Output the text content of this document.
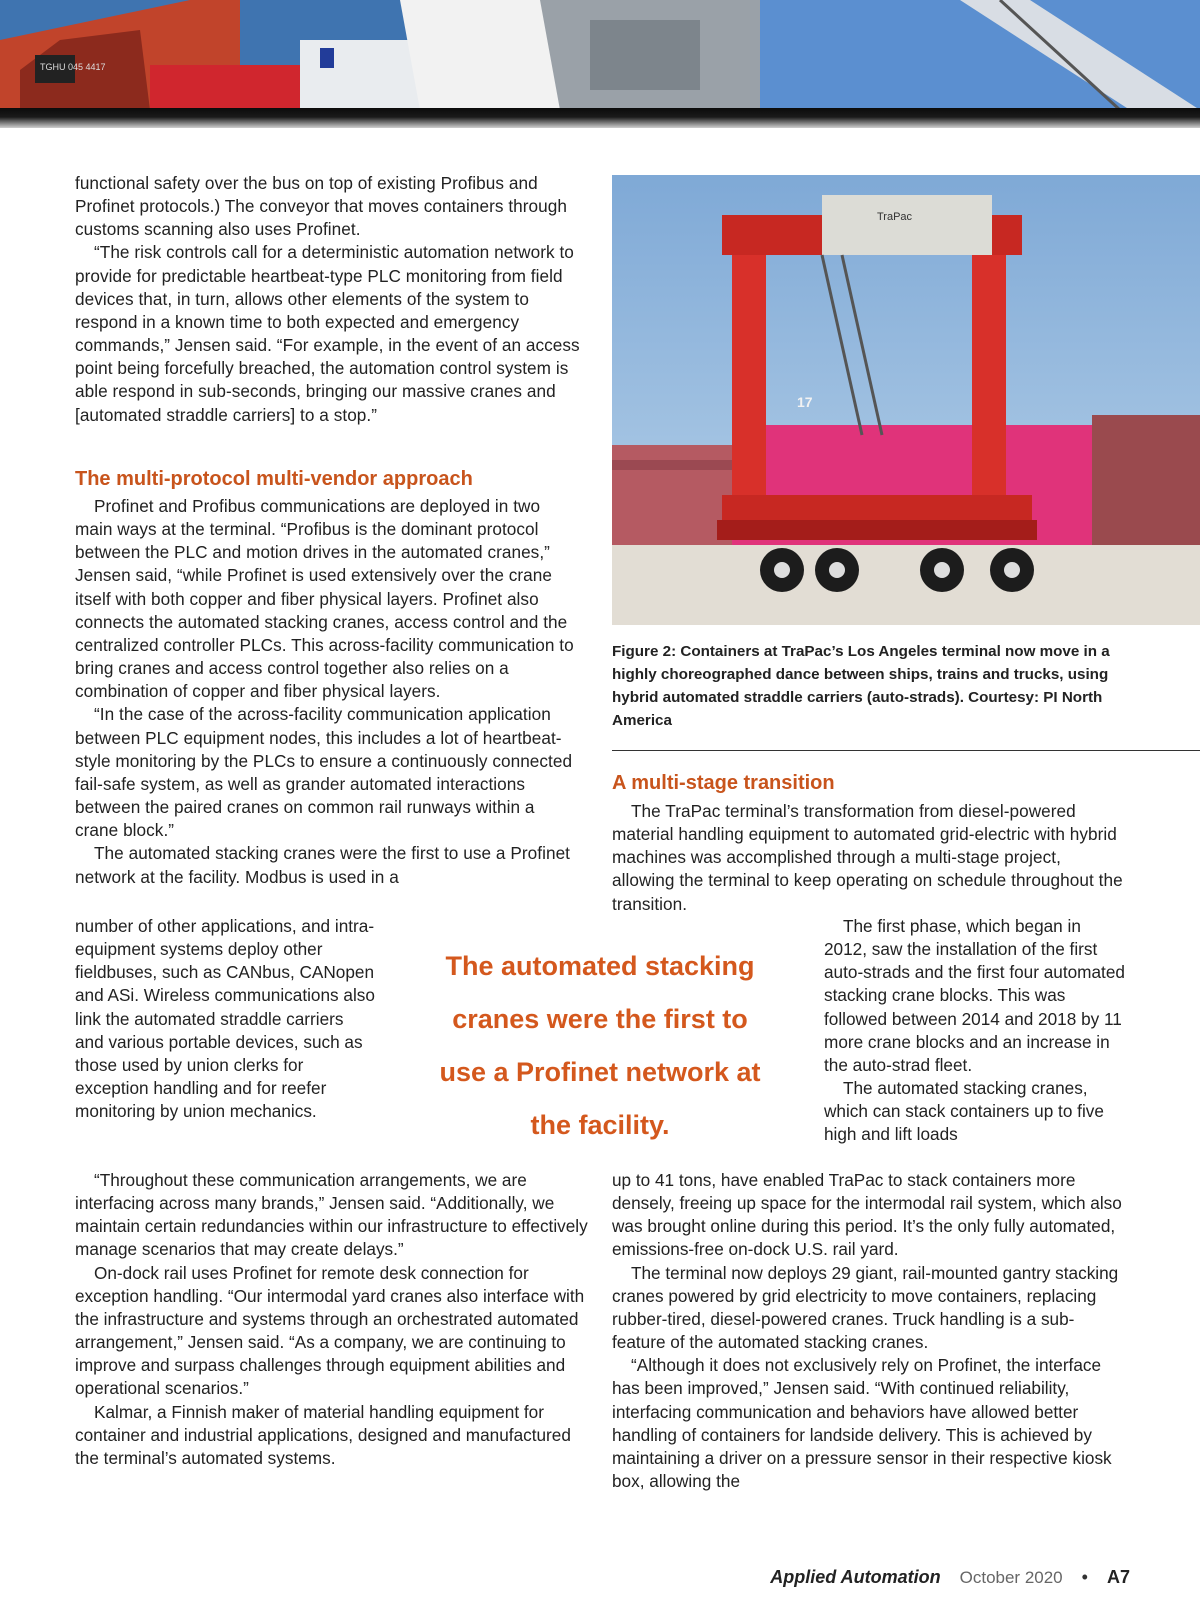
TGHU 045 4417

functional safety over the bus on top of existing Profibus and Profinet protocols.) The conveyor that moves containers through customs scanning also uses Profinet.

“The risk controls call for a deterministic automation network to provide for predictable heartbeat-type PLC monitoring from field devices that, in turn, allows other elements of the system to respond in a known time to both expected and emergency commands,” Jensen said. “For example, in the event of an access point being forcefully breached, the automation control system is able respond in sub-seconds, bringing our massive cranes and [automated straddle carriers] to a stop.”

The multi-protocol multi-vendor approach

Profinet and Profibus communications are deployed in two main ways at the terminal. “Profibus is the dominant protocol between the PLC and motion drives in the automated cranes,” Jensen said, “while Profinet is used extensively over the crane itself with both copper and fiber physical layers. Profinet also connects the automated stacking cranes, access control and the centralized controller PLCs. This across-facility communication to bring cranes and access control together also relies on a combination of copper and fiber physical layers.

“In the case of the across-facility communication application between PLC equipment nodes, this includes a lot of heartbeat-style monitoring by the PLCs to ensure a continuously connected fail-safe system, as well as grander automated interactions between the paired cranes on common rail runways within a crane block.”

The automated stacking cranes were the first to use a Profinet network at the facility. Modbus is used in a

number of other applications, and intra-equipment systems deploy other fieldbuses, such as CANbus, CANopen and ASi. Wireless communications also link the automated straddle carriers and various portable devices, such as those used by union clerks for exception handling and for reefer monitoring by union mechanics.

The automated stacking cranes were the first to use a Profinet network at the facility.

“Throughout these communication arrangements, we are interfacing across many brands,” Jensen said. “Additionally, we maintain certain redundancies within our infrastructure to effectively manage scenarios that may create delays.”

On-dock rail uses Profinet for remote desk connection for exception handling. “Our intermodal yard cranes also interface with the infrastructure and systems through an orchestrated automated arrangement,” Jensen said. “As a company, we are continuing to improve and surpass challenges through equipment abilities and operational scenarios.”

Kalmar, a Finnish maker of material handling equipment for container and industrial applications, designed and manufactured the terminal’s automated systems.

TraPac
17
Figure 2: Containers at TraPac’s Los Angeles terminal now move in a highly choreographed dance between ships, trains and trucks, using hybrid automated straddle carriers (auto-strads). Courtesy: PI North America
A multi-stage transition

The TraPac terminal’s transformation from diesel-powered material handling equipment to automated grid-electric with hybrid machines was accomplished through a multi-stage project, allowing the terminal to keep operating on schedule throughout the transition.

The first phase, which began in 2012, saw the installation of the first auto-strads and the first four automated stacking crane blocks. This was followed between 2014 and 2018 by 11 more crane blocks and an increase in the auto-strad fleet.

The automated stacking cranes, which can stack containers up to five high and lift loads

up to 41 tons, have enabled TraPac to stack containers more densely, freeing up space for the intermodal rail system, which also was brought online during this period. It’s the only fully automated, emissions-free on-dock U.S. rail yard.

The terminal now deploys 29 giant, rail-mounted gantry stacking cranes powered by grid electricity to move containers, replacing rubber-tired, diesel-powered cranes. Truck handling is a sub-feature of the automated stacking cranes.

“Although it does not exclusively rely on Profinet, the interface has been improved,” Jensen said. “With continued reliability, interfacing communication and behaviors have allowed better handling of containers for landside delivery. This is achieved by maintaining a driver on a pressure sensor in their respective kiosk box, allowing the

Applied Automation October 2020 • A7
